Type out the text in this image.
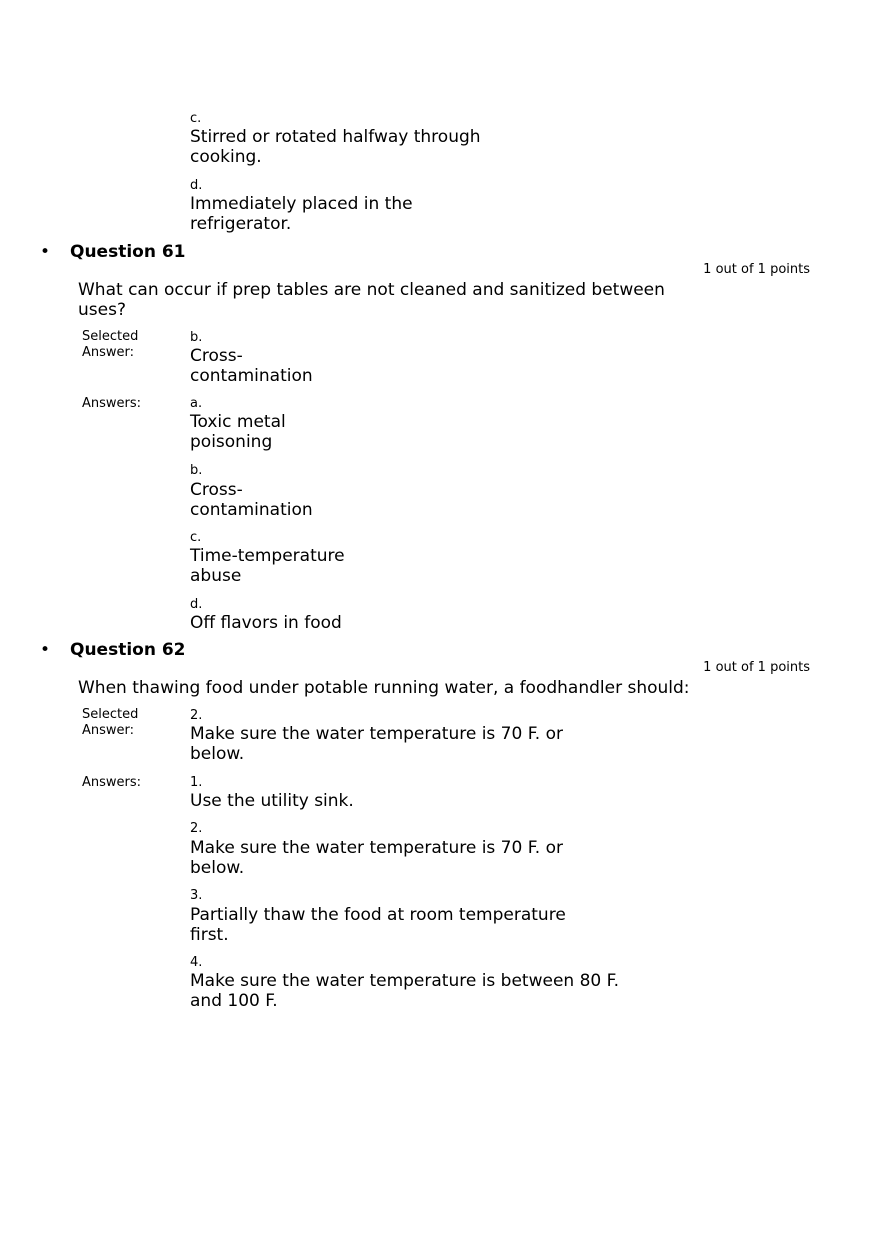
c.
Stirred or rotated halfway through cooking.
d.
Immediately placed in the refrigerator.
• Question 61
1 out of 1 points
What can occur if prep tables are not cleaned and sanitized between uses?
Selected Answer:
b.
Cross-contamination
Answers:	a.
Toxic metal poisoning
b.
Cross-contamination
c.
Time-temperature abuse
d.
Off flavors in food
• Question 62
1 out of 1 points
When thawing food under potable running water, a foodhandler should:
Selected Answer:
2.
Make sure the water temperature is 70 F. or below.
Answers:	1.
Use the utility sink.
2.
Make sure the water temperature is 70 F. or below.
3.
Partially thaw the food at room temperature first.
4.
Make sure the water temperature is between 80 F. and 100 F.
